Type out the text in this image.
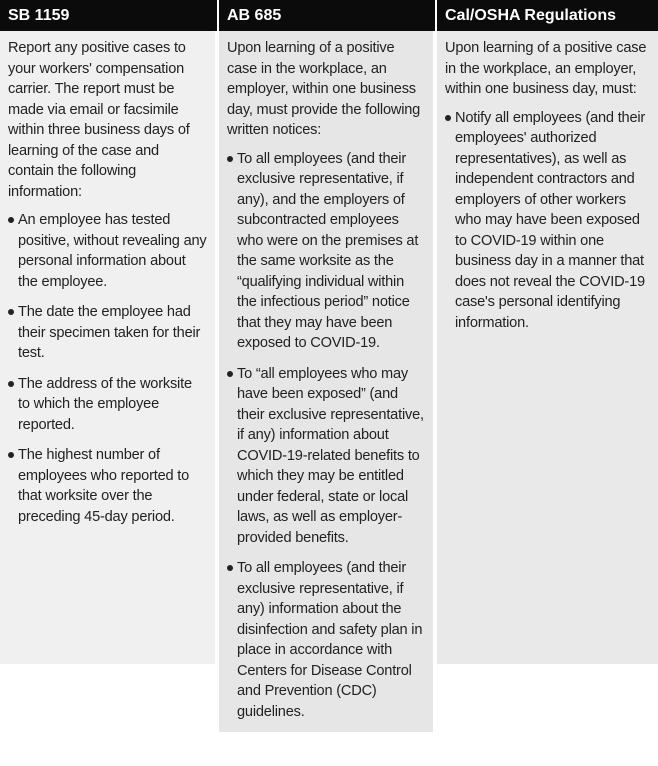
SB 1159

Report any positive cases to your workers' compensation carrier. The report must be made via email or facsimile within three business days of learning of the case and contain the following information:

An employee has tested positive, without revealing any personal information about the employee.
The date the employee had their specimen taken for their test.
The address of the worksite to which the employee reported.
The highest number of employees who reported to that worksite over the preceding 45-day period.
AB 685

Upon learning of a positive case in the workplace, an employer, within one business day, must provide the following written notices:

To all employees (and their exclusive representative, if any), and the employers of subcontracted employees who were on the premises at the same worksite as the “qualifying individual within the infectious period” notice that they may have been exposed to COVID-19.
To “all employees who may have been exposed” (and their exclusive representative, if any) information about COVID-19-related benefits to which they may be entitled under federal, state or local laws, as well as employer-provided benefits.
To all employees (and their exclusive representative, if any) information about the disinfection and safety plan in place in accordance with Centers for Disease Control and Prevention (CDC) guidelines.
Cal/OSHA Regulations

Upon learning of a positive case in the workplace, an employer, within one business day, must:

Notify all employees (and their employees' authorized representatives), as well as independent contractors and employers of other workers who may have been exposed to COVID-19 within one business day in a manner that does not reveal the COVID-19 case's personal identifying information.
